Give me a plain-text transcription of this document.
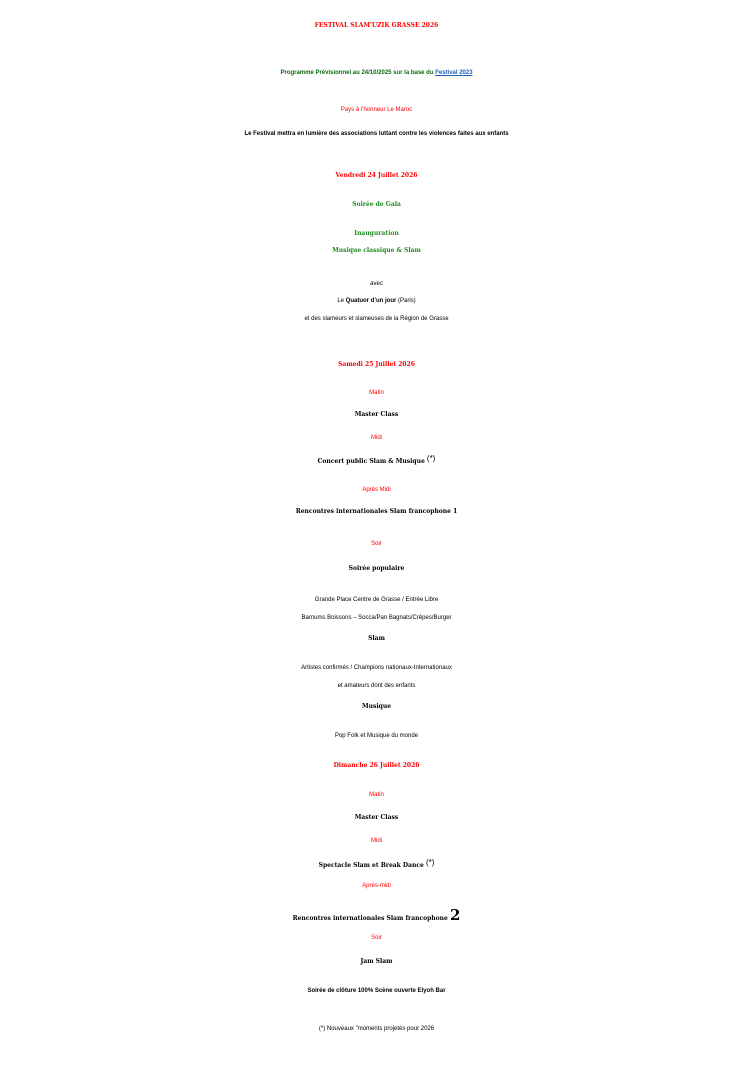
FESTIVAL SLAM'UZIK GRASSE 2026
Programme Prévisionnel au 24/10/2025 sur la base du Festival 2023
Pays à l’honneur Le Maroc
Le Festival mettra en lumière des associations luttant contre les violences faites aux enfants
Vendredi 24 Juillet 2026
Soirée de Gala
Inauguration
Musique classique & Slam
avec
Le Quatuor d’un jour (Paris)
et des slameurs et slameuses de la Région de Grasse
Samedi 25 Juillet 2026
Matin
Master Class
Midi
Concert public Slam & Musique (*)
Après Midi
Rencontres internationales Slam francophone 1
Soir
Soirée populaire
Grande Place Centre de Grasse / Entrée Libre
Barnums Boissons – Socca/Pan Bagnats/Crêpes/Burger
Slam
Artistes confirmés / Champions nationaux-Internationaux
et amateurs dont des enfants
Musique
Pop Folk et Musique du monde
Dimanche 26 Juillet 2026
Matin
Master Class
Midi
Spectacle Slam et Break Dance (*)
Après-midi
Rencontres internationales Slam francophone 2
Soir
Jam Slam
Soirée de clôture 100% Scène ouverte Elyoh Bar
(*) Nouveaux "moments projetés pour 2026
